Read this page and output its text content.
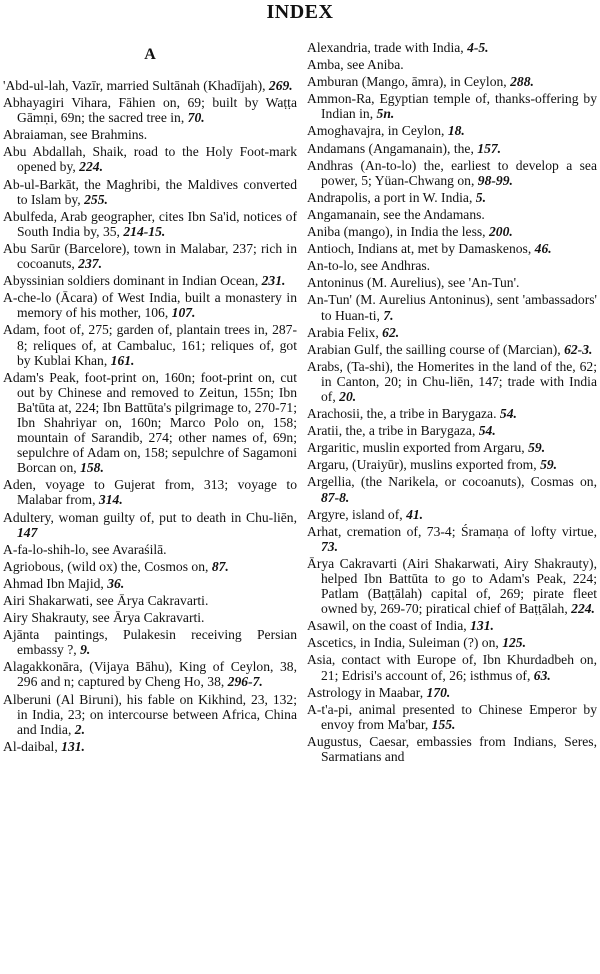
INDEX
A
'Abd-ul-lah, Vazīr, married Sultānah (Khadījah), 269.
Abhayagiri Vihara, Fāhien on, 69; built by Waṭṭa Gāmṇi, 69n; the sacred tree in, 70.
Abraiaman, see Brahmins.
Abu Abdallah, Shaik, road to the Holy Foot-mark opened by, 224.
Ab-ul-Barkāt, the Maghribi, the Maldives converted to Islam by, 255.
Abulfeda, Arab geographer, cites Ibn Sa'id, notices of South India by, 35, 214-15.
Abu Sarūr (Barcelore), town in Malabar, 237; rich in cocoanuts, 237.
Abyssinian soldiers dominant in Indian Ocean, 231.
A-che-lo (Ācara) of West India, built a monastery in memory of his mother, 106, 107.
Adam, foot of, 275; garden of, plantain trees in, 287-8; reliques of, at Cambaluc, 161; reliques of, got by Kublai Khan, 161.
Adam's Peak, foot-print on, 160n; foot-print on, cut out by Chinese and removed to Zeitun, 155n; Ibn Ba'tūta at, 224; Ibn Battūta's pilgrimage to, 270-71; Ibn Shahriyar on, 160n; Marco Polo on, 158; mountain of Sarandib, 274; other names of, 69n; sepulchre of Adam on, 158; sepulchre of Sagamoni Borcan on, 158.
Aden, voyage to Gujerat from, 313; voyage to Malabar from, 314.
Adultery, woman guilty of, put to death in Chu-liēn, 147
A-fa-lo-shih-lo, see Avaraśilā.
Agriobous, (wild ox) the, Cosmos on, 87.
Ahmad Ibn Majid, 36.
Airi Shakarwati, see Ārya Cakravarti.
Airy Shakrauty, see Ārya Cakravarti.
Ajānta paintings, Pulakesin receiving Persian embassy ?, 9.
Alagakkonāra, (Vijaya Bāhu), King of Ceylon, 38, 296 and n; captured by Cheng Ho, 38, 296-7.
Alberuni (Al Biruni), his fable on Kikhind, 23, 132; in India, 23; on intercourse between Africa, China and India, 2.
Al-daibal, 131.
Alexandria, trade with India, 4-5.
Amba, see Aniba.
Amburan (Mango, āmra), in Ceylon, 288.
Ammon-Ra, Egyptian temple of, thanks-offering by Indian in, 5n.
Amoghavajra, in Ceylon, 18.
Andamans (Angamanain), the, 157.
Andhras (An-to-lo) the, earliest to develop a sea power, 5; Yüan-Chwang on, 98-99.
Andrapolis, a port in W. India, 5.
Angamanain, see the Andamans.
Aniba (mango), in India the less, 200.
Antioch, Indians at, met by Damaskenos, 46.
An-to-lo, see Andhras.
Antoninus (M. Aurelius), see 'An-Tun'.
An-Tun' (M. Aurelius Antoninus), sent 'ambassadors' to Huan-ti, 7.
Arabia Felix, 62.
Arabian Gulf, the sailling course of (Marcian), 62-3.
Arabs, (Ta-shi), the Homerites in the land of the, 62; in Canton, 20; in Chu-liēn, 147; trade with India of, 20.
Arachosii, the, a tribe in Barygaza. 54.
Aratii, the, a tribe in Barygaza, 54.
Argaritic, muslin exported from Argaru, 59.
Argaru, (Uraiyūr), muslins exported from, 59.
Argellia, (the Narikela, or cocoanuts), Cosmas on, 87-8.
Argyre, island of, 41.
Arhat, cremation of, 73-4; Śramaṇa of lofty virtue, 73.
Ārya Cakravarti (Airi Shakarwati, Airy Shakrauty), helped Ibn Battūta to go to Adam's Peak, 224; Patlam (Baṭṭālah) capital of, 269; pirate fleet owned by, 269-70; piratical chief of Baṭṭālah, 224.
Asawil, on the coast of India, 131.
Ascetics, in India, Suleiman (?) on, 125.
Asia, contact with Europe of, Ibn Khurdadbeh on, 21; Edrisi's account of, 26; isthmus of, 63.
Astrology in Maabar, 170.
A-t'a-pi, animal presented to Chinese Emperor by envoy from Ma'bar, 155.
Augustus, Caesar, embassies from Indians, Seres, Sarmatians and
